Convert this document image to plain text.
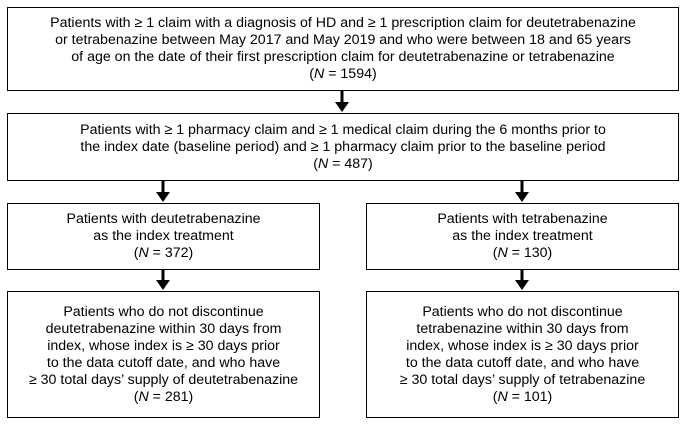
Patients with ≥ 1 claim with a diagnosis of HD and ≥ 1 prescription claim for deutetrabenazine
or tetrabenazine between May 2017 and May 2019 and who were between 18 and 65 years
of age on the date of their first prescription claim for deutetrabenazine or tetrabenazine
(N = 1594)
Patients with ≥ 1 pharmacy claim and ≥ 1 medical claim during the 6 months prior to
the index date (baseline period) and ≥ 1 pharmacy claim prior to the baseline period
(N = 487)
Patients with deutetrabenazine
as the index treatment
(N = 372)
Patients with tetrabenazine
as the index treatment
(N = 130)
Patients who do not discontinue
deutetrabenazine within 30 days from
index, whose index is ≥ 30 days prior
to the data cutoff date, and who have
≥ 30 total days’ supply of deutetrabenazine
(N = 281)
Patients who do not discontinue
tetrabenazine within 30 days from
index, whose index is ≥ 30 days prior
to the data cutoff date, and who have
≥ 30 total days’ supply of tetrabenazine
(N = 101)
